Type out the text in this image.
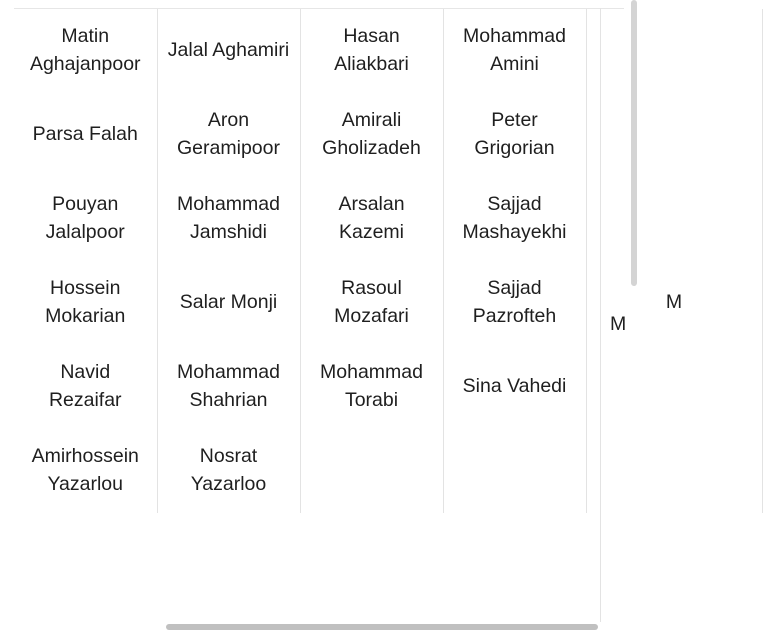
Matin Aghajanpoor	Jalal Aghamiri	Hasan Aliakbari	Mohammad Amini	
Parsa Falah	Aron Geramipoor	Amirali Gholizadeh	Peter Grigorian	
Pouyan Jalalpoor	Mohammad Jamshidi	Arsalan Kazemi	Sajjad Mashayekhi	
Hossein Mokarian	Salar Monji	Rasoul Mozafari	Sajjad Pazrofteh	M
Navid Rezaifar	Mohammad Shahrian	Mohammad Torabi	Sina Vahedi	
Amirhossein Yazarlou	Nosrat Yazarloo			
M
